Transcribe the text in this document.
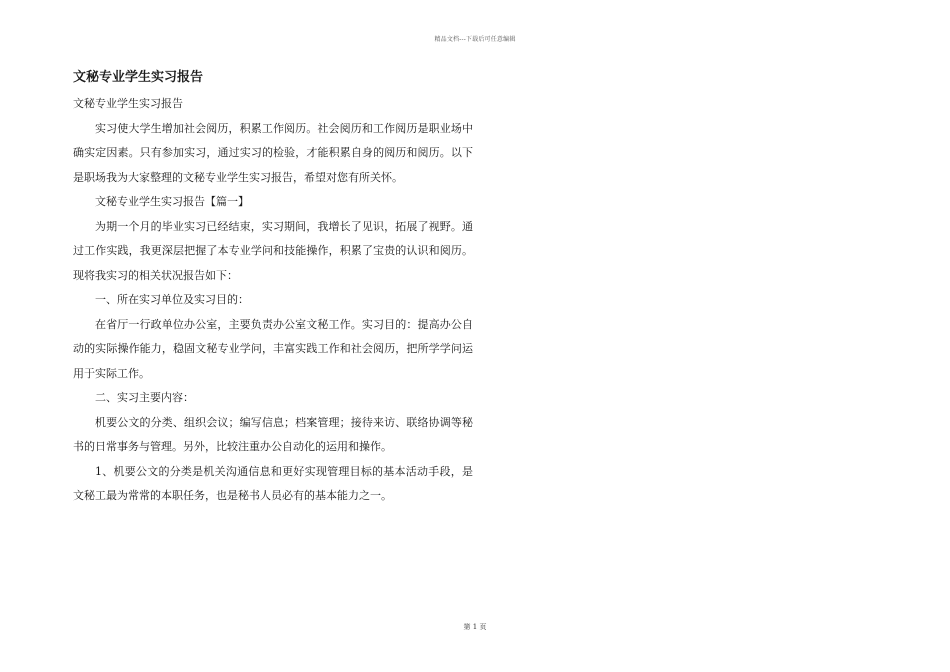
精品文档---下载后可任意编辑
文秘专业学生实习报告

文秘专业学生实习报告

实习使大学生增加社会阅历，积累工作阅历。社会阅历和工作阅历是职业场中确实定因素。只有参加实习，通过实习的检验，才能积累自身的阅历和阅历。以下是职场我为大家整理的文秘专业学生实习报告，希望对您有所关怀。

文秘专业学生实习报告【篇一】

为期一个月的毕业实习已经结束，实习期间，我增长了见识，拓展了视野。通过工作实践，我更深层把握了本专业学问和技能操作，积累了宝贵的认识和阅历。现将我实习的相关状况报告如下：

一、所在实习单位及实习目的：

在省厅一行政单位办公室，主要负责办公室文秘工作。实习目的：提高办公自动的实际操作能力，稳固文秘专业学问，丰富实践工作和社会阅历，把所学学问运用于实际工作。

二、实习主要内容：

机要公文的分类、组织会议；编写信息；档案管理；接待来访、联络协调等秘书的日常事务与管理。另外，比较注重办公自动化的运用和操作。

1、机要公文的分类是机关沟通信息和更好实现管理目标的基本活动手段，是文秘工最为常常的本职任务，也是秘书人员必有的基本能力之一。

第 1 页
